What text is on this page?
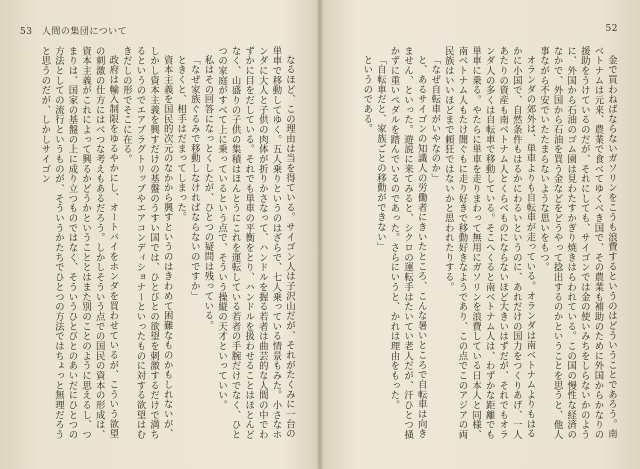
53 人間の集団について

なるほど、この理由は当を得ている。サイゴン人は子沢山だが、それがたくみに一台の単車で移動してゆく。五人乗りというのはざらで、七人乗っている情景もみた。小さなホンダに大人と子供の肉体が折りかさなって、ハンドルを握る若者は曲芸的な人間の中でわずかに目をだしている。それでも単車の平衡をとり、ハンドルを扱わせることはほとんどなく、山盛りの子供の集積はほんとうにこれを運転している若者の手腕だけでなく、ひとつの家庭がすべて上に乗っているという点で、そういう操縦の天才といっていい。

私はその回答になっとくしたが、ひとつの疑問は残っている。

「なぜ家族ぐるみで移動しなければならないのですか」

ときくと、相手はだまってしまった。

資本主義を国民的次元のなかから興すというのはきわめて困難なものかもしれないが、しかし資本主義を興すだけの基盤のうすい国では、ひとびとの欲望を刺激するだけで満ちるというのでエアプラグトリップやエアコンディショナーといったものに対する欲望はむきだしの形でそこに在る。

政府は輸入制限をゆるやかにし、オートバイをホンダを買わせているが、こういう欲望の刺激の仕方にはべつな考えもあるだろう。しかしそういう点での国民の資本の形成は、資本主義がこれによって興るかどうかということとはまた別のことのように思えるし、つまりは、国家の基盤の上に成り立つものではなく、そういうひとびとのあいだにひとつの方法としての流行というものが、そういうかたちでひとつの方法ではちょっと無理だろうと思うのだが、しかしサイゴン

52

金で買わねばならないガソリンをこうも浪費するというのはどういうことであろう。南ベトナムは元来、農業で食べてゆくべき国で、その農業も補助のために外国からかなりの援助をうけているのだが、それにしても、サイゴンでは金の使いみちをしらないかのように、外国から石油のゴム園は見わたすかぎり焼きはらわれている。この国の慢性な経済のなかで、外国から石油を買う金などをどうやって捻出するのかということを思うと、他人事ながら不安でいたたまらないような思いをもつ。

オランダの郊外は、単車よりも自転車が走っている。オランダは南ベトナムよりもはるかに小国で、自然条件もはるかにわるいというのに、あれだけの国力をつくりあげ、一人あたりの資産も南ベトナム人とくらべものにならないほど大きいはずだが、それでもオランダ人の多くは自転車で移動している。そこへくると南ベトナム人は、わずかな距離でも単車に乗る。やたらに単車を走りまわって無用にガソリンを浪費している日本人と同様、南ベトナム人もたけ闇ぐもに走り好きで移動好きなようであり、この点でこのアジアの両民族はいいほどまで頼狂ではないかと思われたりする。

「なぜ自転車がいやなのか」

と、あるサイゴンの知識人の労働者にきいたところ、こんな暑いところで自転車は向きません、といった。遊説に来てみると、シクロの運転手はたいてい老人だが、汗ひとつ掻かずに重いペダルを踏んでいるのであった。さらにいうと、かれは理由をもった。

「自転車だと、家族ごとの移動ができない」

というのである。
